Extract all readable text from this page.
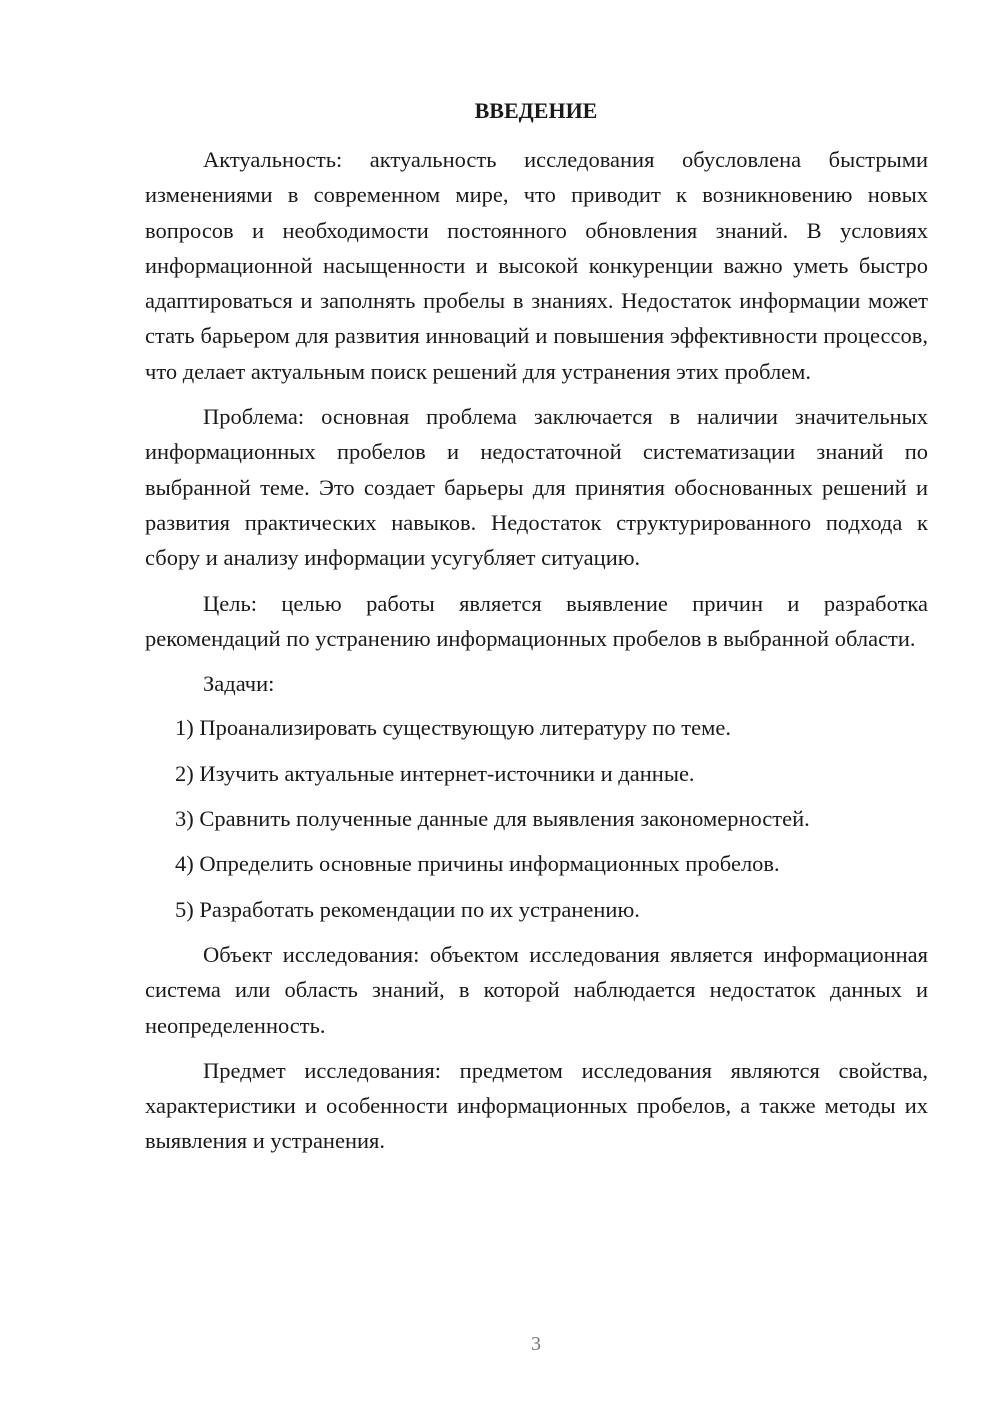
ВВЕДЕНИЕ

Актуальность: актуальность исследования обусловлена быстрыми изменениями в современном мире, что приводит к возникновению новых вопросов и необходимости постоянного обновления знаний. В условиях информационной насыщенности и высокой конкуренции важно уметь быстро адаптироваться и заполнять пробелы в знаниях. Недостаток информации может стать барьером для развития инноваций и повышения эффективности процессов, что делает актуальным поиск решений для устранения этих проблем.

Проблема: основная проблема заключается в наличии значительных информационных пробелов и недостаточной систематизации знаний по выбранной теме. Это создает барьеры для принятия обоснованных решений и развития практических навыков. Недостаток структурированного подхода к сбору и анализу информации усугубляет ситуацию.

Цель: целью работы является выявление причин и разработка рекомендаций по устранению информационных пробелов в выбранной области.

Задачи:

1) Проанализировать существующую литературу по теме.

2) Изучить актуальные интернет-источники и данные.

3) Сравнить полученные данные для выявления закономерностей.

4) Определить основные причины информационных пробелов.

5) Разработать рекомендации по их устранению.

Объект исследования: объектом исследования является информационная система или область знаний, в которой наблюдается недостаток данных и неопределенность.

Предмет исследования: предметом исследования являются свойства, характеристики и особенности информационных пробелов, а также методы их выявления и устранения.

3
